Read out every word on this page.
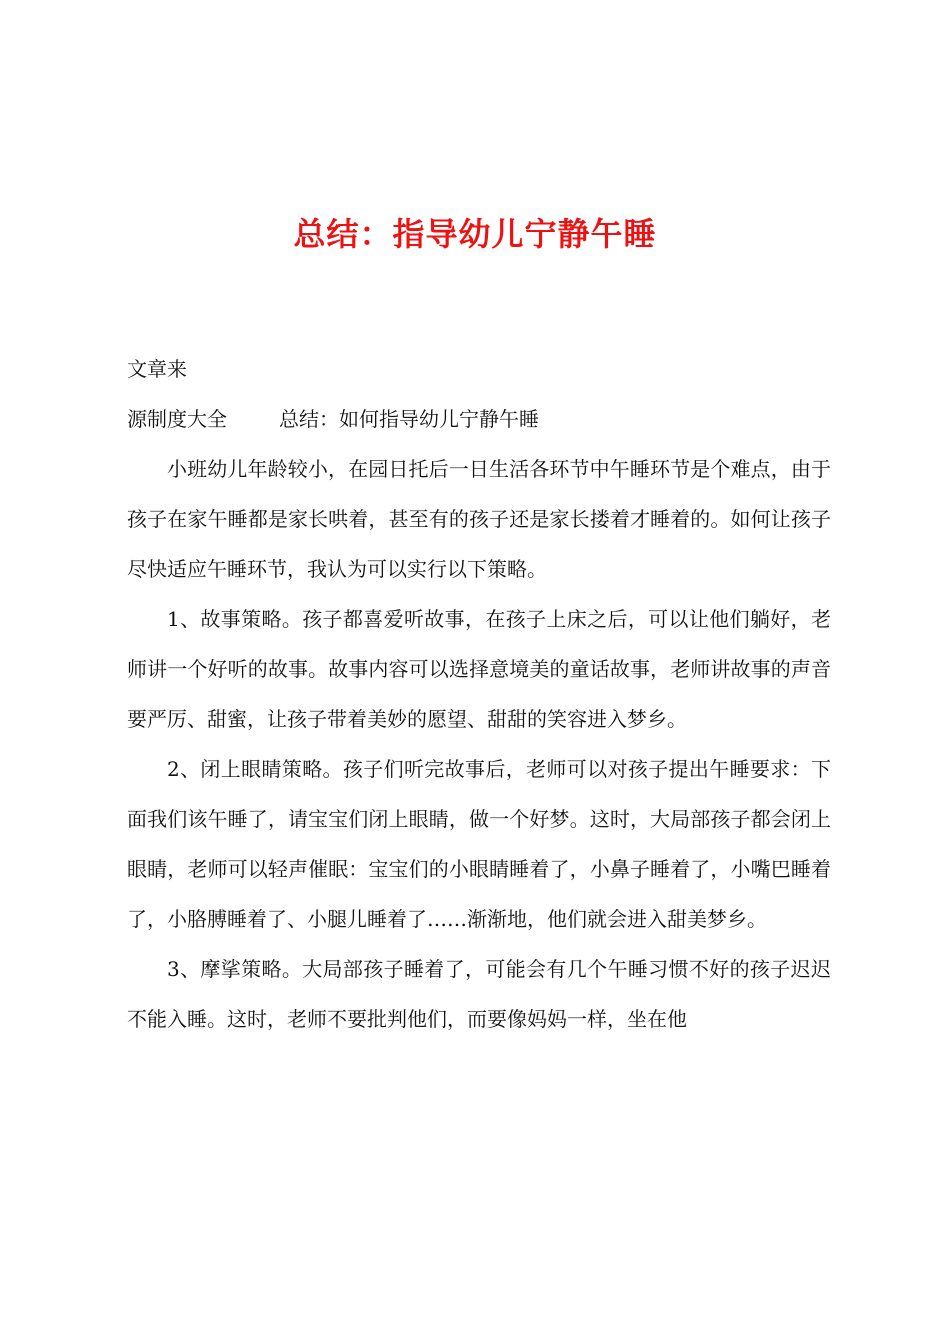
总结：指导幼儿宁静午睡
文章来
源制度大全	总结：如何指导幼儿宁静午睡

小班幼儿年龄较小，在园日托后一日生活各环节中午睡环节是个难点，由于孩子在家午睡都是家长哄着，甚至有的孩子还是家长搂着才睡着的。如何让孩子尽快适应午睡环节，我认为可以实行以下策略。

1、故事策略。孩子都喜爱听故事，在孩子上床之后，可以让他们躺好，老师讲一个好听的故事。故事内容可以选择意境美的童话故事，老师讲故事的声音要严厉、甜蜜，让孩子带着美妙的愿望、甜甜的笑容进入梦乡。

2、闭上眼睛策略。孩子们听完故事后，老师可以对孩子提出午睡要求：下面我们该午睡了，请宝宝们闭上眼睛，做一个好梦。这时，大局部孩子都会闭上眼睛，老师可以轻声催眠：宝宝们的小眼睛睡着了，小鼻子睡着了，小嘴巴睡着了，小胳膊睡着了、小腿儿睡着了……渐渐地，他们就会进入甜美梦乡。

3、摩挲策略。大局部孩子睡着了，可能会有几个午睡习惯不好的孩子迟迟不能入睡。这时，老师不要批判他们，而要像妈妈一样，坐在他
